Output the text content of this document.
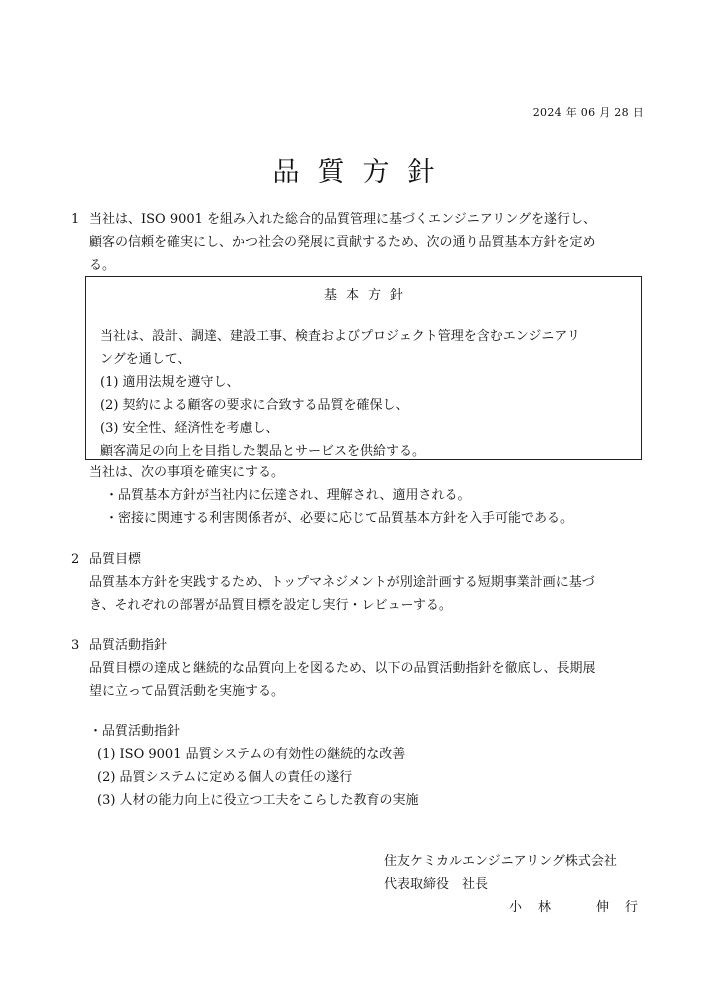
2024 年 06 月 28 日
品質方針
1 当社は、ISO 9001 を組み入れた総合的品質管理に基づくエンジニアリングを遂行し、
顧客の信頼を確実にし、かつ社会の発展に貢献するため、次の通り品質基本方針を定め
る。
基本方針
当社は、設計、調達、建設工事、検査およびプロジェクト管理を含むエンジニアリ
ングを通して、
(1) 適用法規を遵守し、
(2) 契約による顧客の要求に合致する品質を確保し、
(3) 安全性、経済性を考慮し、
顧客満足の向上を目指した製品とサービスを供給する。
当社は、次の事項を確実にする。
・品質基本方針が当社内に伝達され、理解され、適用される。
・密接に関連する利害関係者が、必要に応じて品質基本方針を入手可能である。
2 品質目標
品質基本方針を実践するため、トップマネジメントが別途計画する短期事業計画に基づ
き、それぞれの部署が品質目標を設定し実行・レビューする。
3 品質活動指針
品質目標の達成と継続的な品質向上を図るため、以下の品質活動指針を徹底し、長期展
望に立って品質活動を実施する。
・品質活動指針
(1) ISO 9001 品質システムの有効性の継続的な改善
(2) 品質システムに定める個人の責任の遂行
(3) 人材の能力向上に役立つ工夫をこらした教育の実施
住友ケミカルエンジニアリング株式会社
代表取締役　社長
小林　伸行
